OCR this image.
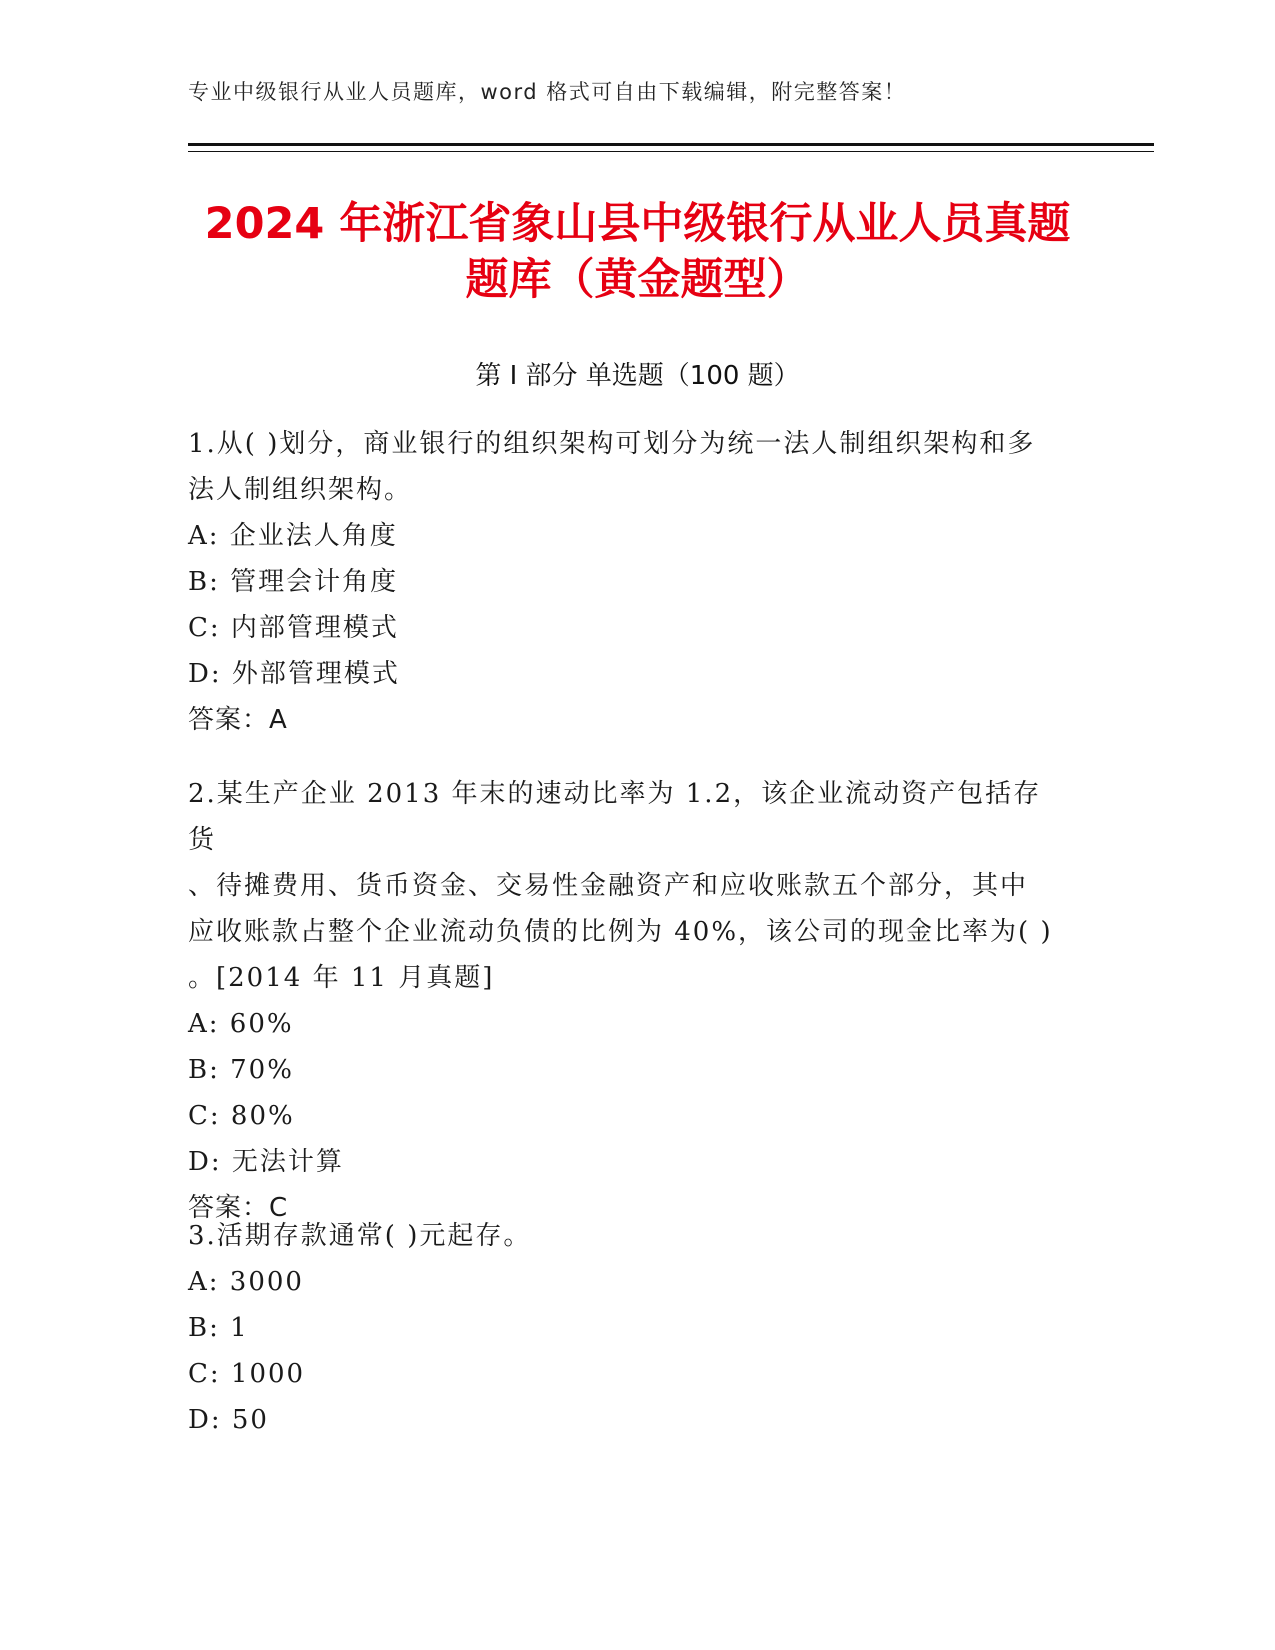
专业中级银行从业人员题库，word 格式可自由下载编辑，附完整答案！
2024 年浙江省象山县中级银行从业人员真题
题库（黄金题型）
第 I 部分 单选题（100 题）

1.从( )划分，商业银行的组织架构可划分为统一法人制组织架构和多

法人制组织架构。

A: 企业法人角度

B: 管理会计角度

C: 内部管理模式

D: 外部管理模式

答案：A

2.某生产企业 2013 年末的速动比率为 1.2，该企业流动资产包括存货

、待摊费用、货币资金、交易性金融资产和应收账款五个部分，其中

应收账款占整个企业流动负债的比例为 40%，该公司的现金比率为( )

。[2014 年 11 月真题]

A: 60%

B: 70%

C: 80%

D: 无法计算

答案：C

3.活期存款通常( )元起存。

A: 3000

B: 1

C: 1000

D: 50
